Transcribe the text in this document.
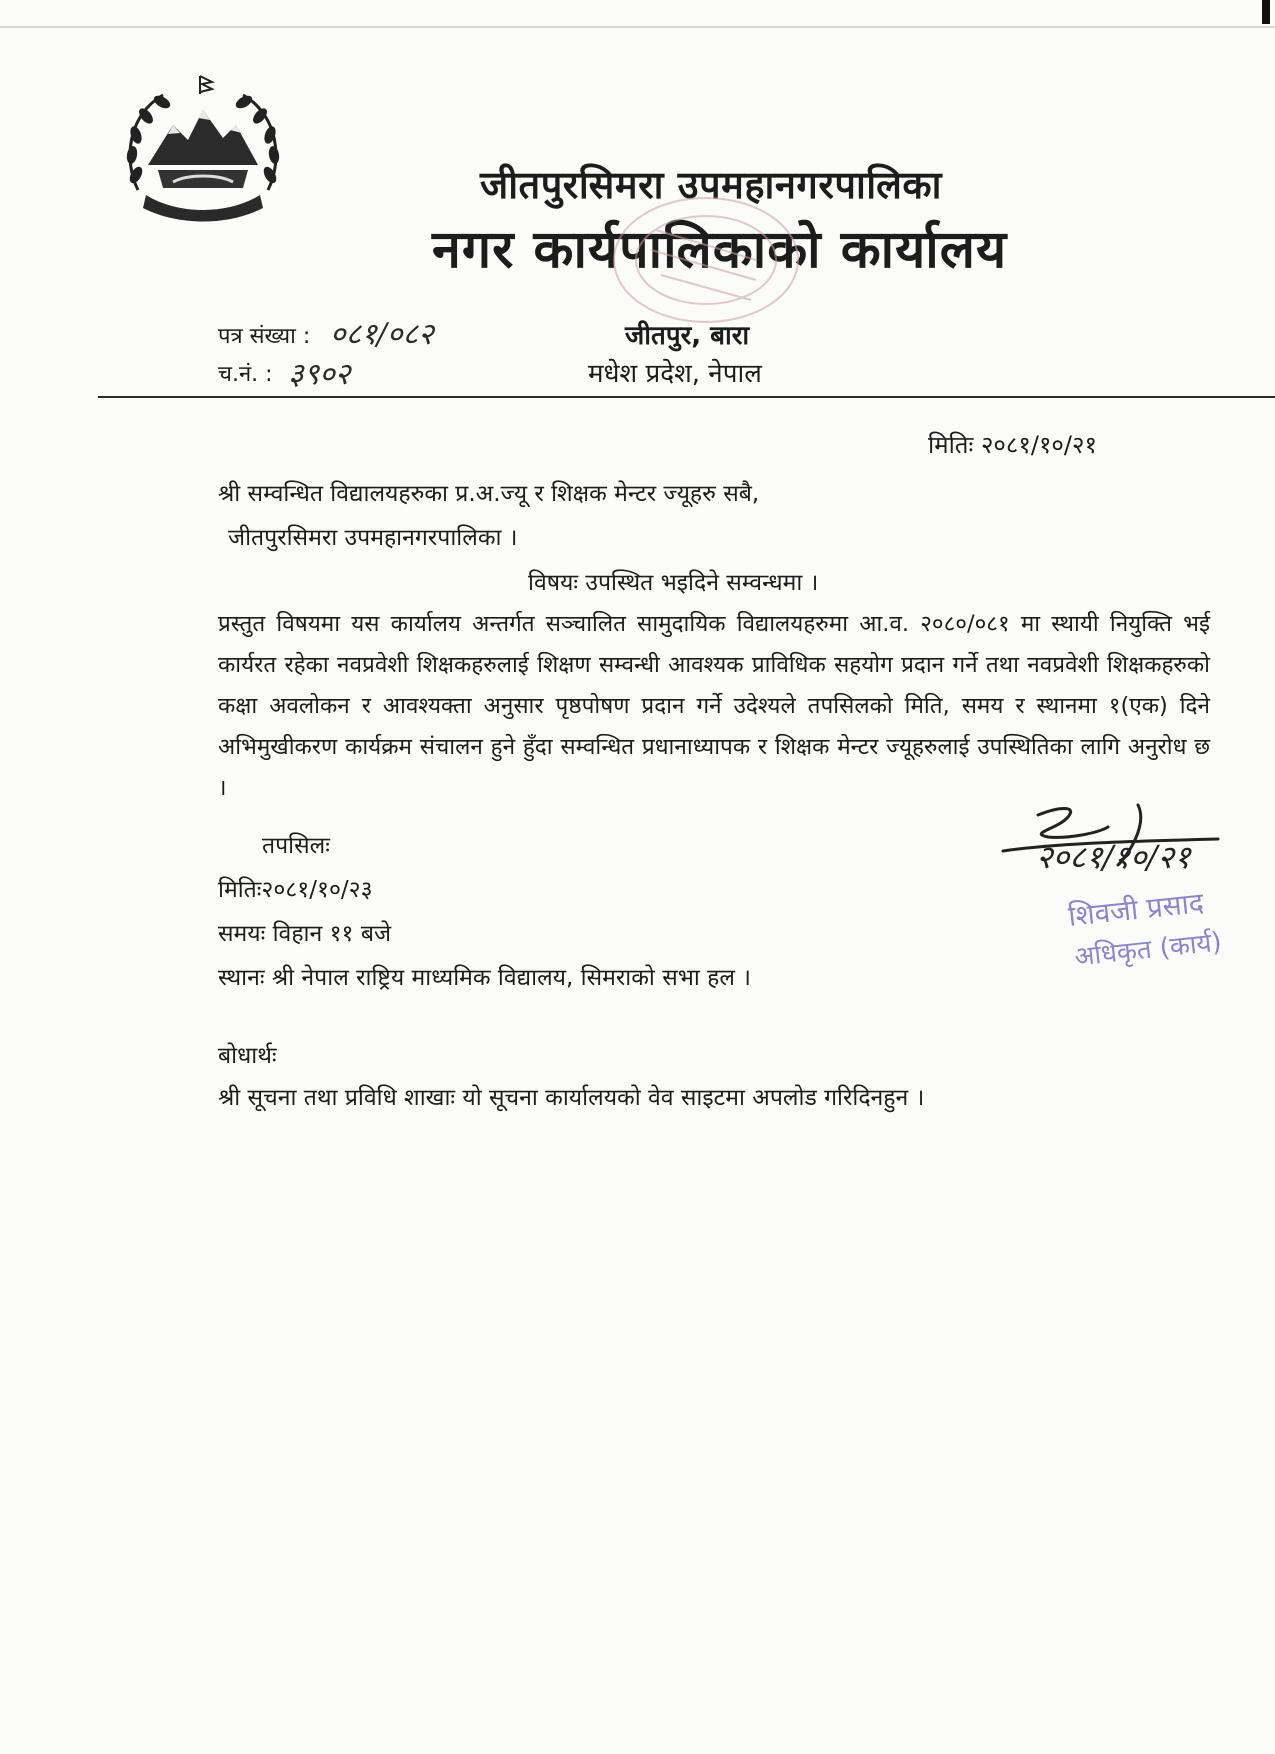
जीतपुरसिमरा उपमहानगरपालिका
नगर कार्यपालिकाको कार्यालय
पत्र संख्या : ०८१/०८२
च.नं. : ३९०२
जीतपुर, बारा
मधेश प्रदेश, नेपाल
मितिः २०८१/१०/२१
श्री सम्वन्धित विद्यालयहरुका प्र.अ.ज्यू र शिक्षक मेन्टर ज्यूहरु सबै,
जीतपुरसिमरा उपमहानगरपालिका ।
विषयः उपस्थित भइदिने सम्वन्धमा ।
प्रस्तुत विषयमा यस कार्यालय अन्तर्गत सञ्चालित सामुदायिक विद्यालयहरुमा आ.व. २०८०/०८१ मा स्थायी नियुक्ति भई कार्यरत रहेका नवप्रवेशी शिक्षकहरुलाई शिक्षण सम्वन्धी आवश्यक प्राविधिक सहयोग प्रदान गर्ने तथा नवप्रवेशी शिक्षकहरुको कक्षा अवलोकन र आवश्यक्ता अनुसार पृष्ठपोषण प्रदान गर्ने उदेश्यले तपसिलको मिति, समय र स्थानमा १(एक) दिने अभिमुखीकरण कार्यक्रम संचालन हुने हुँदा सम्वन्धित प्रधानाध्यापक र शिक्षक मेन्टर ज्यूहरुलाई उपस्थितिका लागि अनुरोध छ ।
२०८१/१०/२१
शिवजी प्रसाद
अधिकृत (कार्य)
तपसिलः
मितिः२०८१/१०/२३
समयः विहान ११ बजे
स्थानः श्री नेपाल राष्ट्रिय माध्यमिक विद्यालय, सिमराको सभा हल ।
बोधार्थः
श्री सूचना तथा प्रविधि शाखाः यो सूचना कार्यालयको वेव साइटमा अपलोड गरिदिनहुन ।
